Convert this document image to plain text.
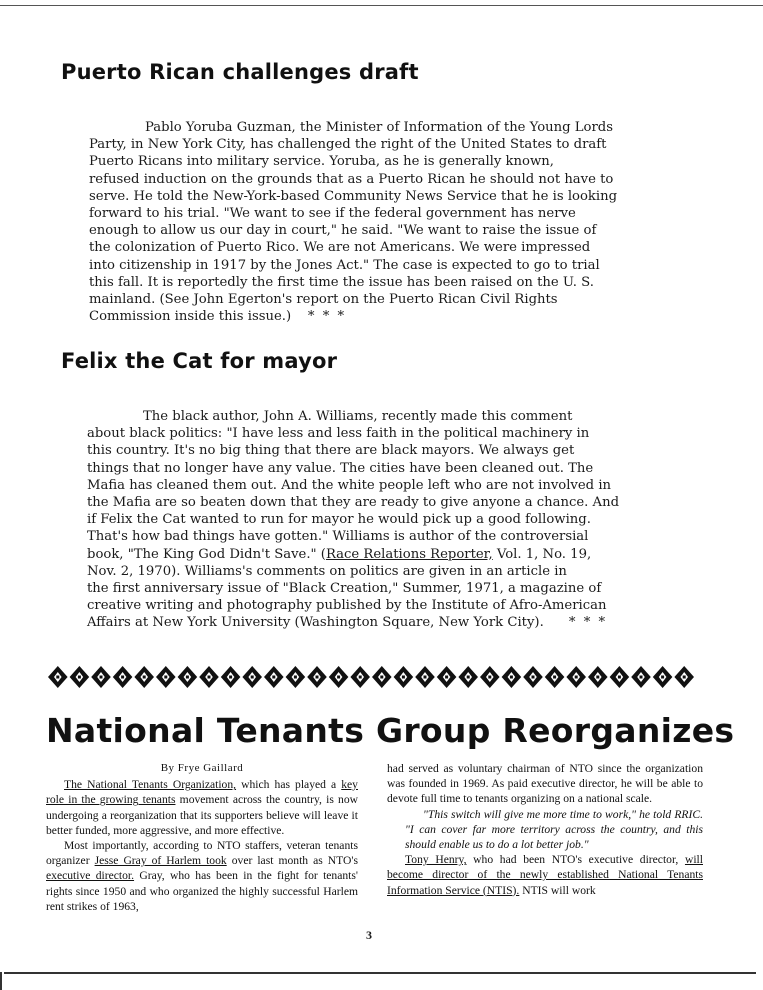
Puerto Rican challenges draft
Pablo Yoruba Guzman, the Minister of Information of the Young Lords
Party, in New York City, has challenged the right of the United States to draft
Puerto Ricans into military service. Yoruba, as he is generally known,
refused induction on the grounds that as a Puerto Rican he should not have to
serve. He told the New-York-based Community News Service that he is looking
forward to his trial. "We want to see if the federal government has nerve
enough to allow us our day in court," he said. "We want to raise the issue of
the colonization of Puerto Rico. We are not Americans. We were impressed
into citizenship in 1917 by the Jones Act." The case is expected to go to trial
this fall. It is reportedly the first time the issue has been raised on the U. S.
mainland. (See John Egerton's report on the Puerto Rican Civil Rights
Commission inside this issue.) * * *
Felix the Cat for mayor
The black author, John A. Williams, recently made this comment
about black politics: "I have less and less faith in the political machinery in
this country. It's no big thing that there are black mayors. We always get
things that no longer have any value. The cities have been cleaned out. The
Mafia has cleaned them out. And the white people left who are not involved in
the Mafia are so beaten down that they are ready to give anyone a chance. And
if Felix the Cat wanted to run for mayor he would pick up a good following.
That's how bad things have gotten." Williams is author of the controversial
book, "The King God Didn't Save." (Race Relations Reporter, Vol. 1, No. 19,
Nov. 2, 1970). Williams's comments on politics are given in an article in
the first anniversary issue of "Black Creation," Summer, 1971, a magazine of
creative writing and photography published by the Institute of Afro-American
Affairs at New York University (Washington Square, New York City). * * *
National Tenants Group Reorganizes

By Frye Gaillard

The National Tenants Organization, which has played a key role in the growing tenants movement across the country, is now undergoing a reorganization that its supporters believe will leave it better funded, more aggressive, and more effective.

Most importantly, according to NTO staffers, veteran tenants organizer Jesse Gray of Harlem took over last month as NTO's executive director. Gray, who has been in the fight for tenants' rights since 1950 and who organized the highly successful Harlem rent strikes of 1963,

had served as voluntary chairman of NTO since the organization was founded in 1969. As paid executive director, he will be able to devote full time to tenants organizing on a national scale.

"This switch will give me more time to work," he told RRIC. "I can cover far more territory across the country, and this should enable us to do a lot better job."

Tony Henry, who had been NTO's executive director, will become director of the newly established National Tenants Information Service (NTIS). NTIS will work

3
